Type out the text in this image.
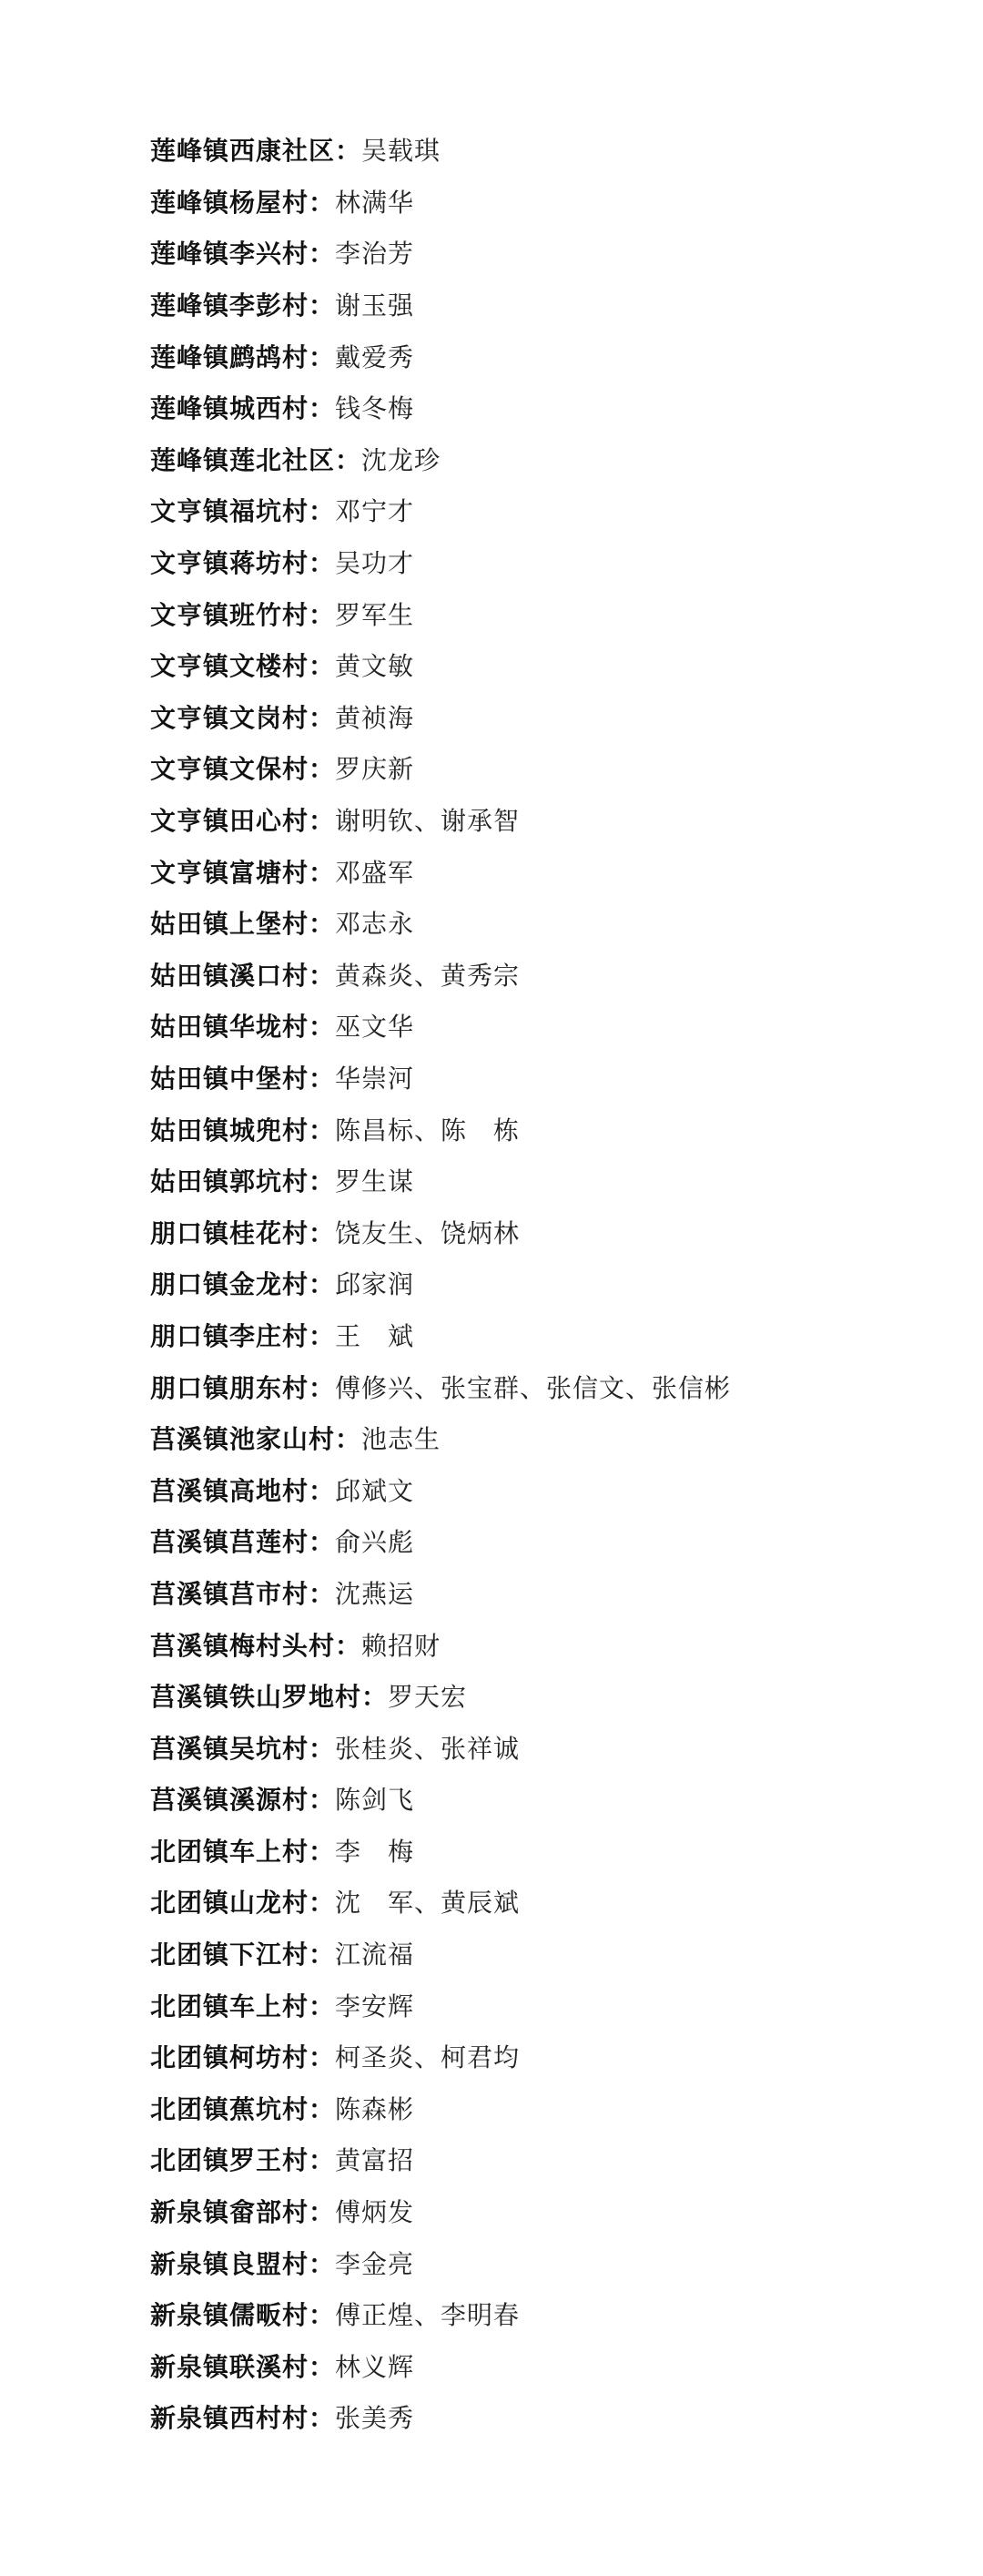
莲峰镇西康社区： 吴载琪
莲峰镇杨屋村： 林满华
莲峰镇李兴村： 李治芳
莲峰镇李彭村： 谢玉强
莲峰镇鹧鸪村： 戴爱秀
莲峰镇城西村： 钱冬梅
莲峰镇莲北社区： 沈龙珍
文亨镇福坑村： 邓宁才
文亨镇蒋坊村： 吴功才
文亨镇班竹村： 罗军生
文亨镇文楼村： 黄文敏
文亨镇文岗村： 黄祯海
文亨镇文保村： 罗庆新
文亨镇田心村： 谢明钦、谢承智
文亨镇富塘村： 邓盛军
姑田镇上堡村： 邓志永
姑田镇溪口村： 黄森炎、黄秀宗
姑田镇华垅村： 巫文华
姑田镇中堡村： 华崇河
姑田镇城兜村： 陈昌标、陈　栋
姑田镇郭坑村： 罗生谋
朋口镇桂花村： 饶友生、饶炳林
朋口镇金龙村： 邱家润
朋口镇李庄村： 王　斌
朋口镇朋东村： 傅修兴、张宝群、张信文、张信彬
莒溪镇池家山村： 池志生
莒溪镇高地村： 邱斌文
莒溪镇莒莲村： 俞兴彪
莒溪镇莒市村： 沈燕运
莒溪镇梅村头村： 赖招财
莒溪镇铁山罗地村： 罗天宏
莒溪镇吴坑村： 张桂炎、张祥诚
莒溪镇溪源村： 陈剑飞
北团镇车上村： 李　梅
北团镇山龙村： 沈　军、黄辰斌
北团镇下江村： 江流福
北团镇车上村： 李安辉
北团镇柯坊村： 柯圣炎、柯君均
北团镇蕉坑村： 陈森彬
北团镇罗王村： 黄富招
新泉镇畲部村： 傅炳发
新泉镇良盟村： 李金亮
新泉镇儒畈村： 傅正煌、李明春
新泉镇联溪村： 林义辉
新泉镇西村村： 张美秀
